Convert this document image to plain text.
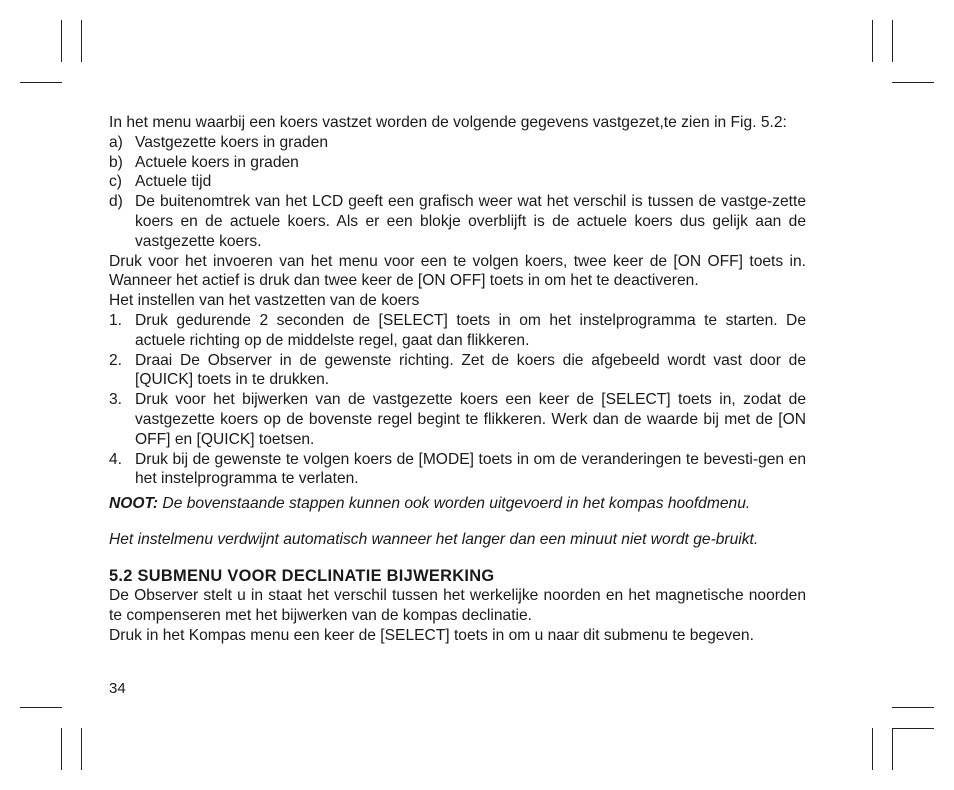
In het menu waarbij een koers vastzet worden de volgende gegevens vastgezet,te zien in Fig. 5.2:

a) Vastgezette koers in graden
b) Actuele koers in graden
c) Actuele tijd
d) De buitenomtrek van het LCD geeft een grafisch weer wat het verschil is tussen de vastge-zette koers en de actuele koers. Als er een blokje overblijft is de actuele koers dus gelijk aan de vastgezette koers.

Druk voor het invoeren van het menu voor een te volgen koers, twee keer de [ON OFF] toets in. Wanneer het actief is druk dan twee keer de [ON OFF] toets in om het te deactiveren.

Het instellen van het vastzetten van de koers

1. Druk gedurende 2 seconden de [SELECT] toets in om het instelprogramma te starten. De actuele richting op de middelste regel, gaat dan flikkeren.
2. Draai De Observer in de gewenste richting. Zet de koers die afgebeeld wordt vast door de [QUICK] toets in te drukken.
3. Druk voor het bijwerken van de vastgezette koers een keer de [SELECT] toets in, zodat de vastgezette koers op de bovenste regel begint te flikkeren. Werk dan de waarde bij met de [ON OFF] en [QUICK] toetsen.
4. Druk bij de gewenste te volgen koers de [MODE] toets in om de veranderingen te bevesti-gen en het instelprogramma te verlaten.

NOOT: De bovenstaande stappen kunnen ook worden uitgevoerd in het kompas hoofdmenu.

Het instelmenu verdwijnt automatisch wanneer het langer dan een minuut niet wordt ge-bruikt.

5.2 SUBMENU VOOR DECLINATIE BIJWERKING

De Observer stelt u in staat het verschil tussen het werkelijke noorden en het magnetische noorden te compenseren met het bijwerken van de kompas declinatie.

Druk in het Kompas menu een keer de [SELECT] toets in om u naar dit submenu te begeven.

34
